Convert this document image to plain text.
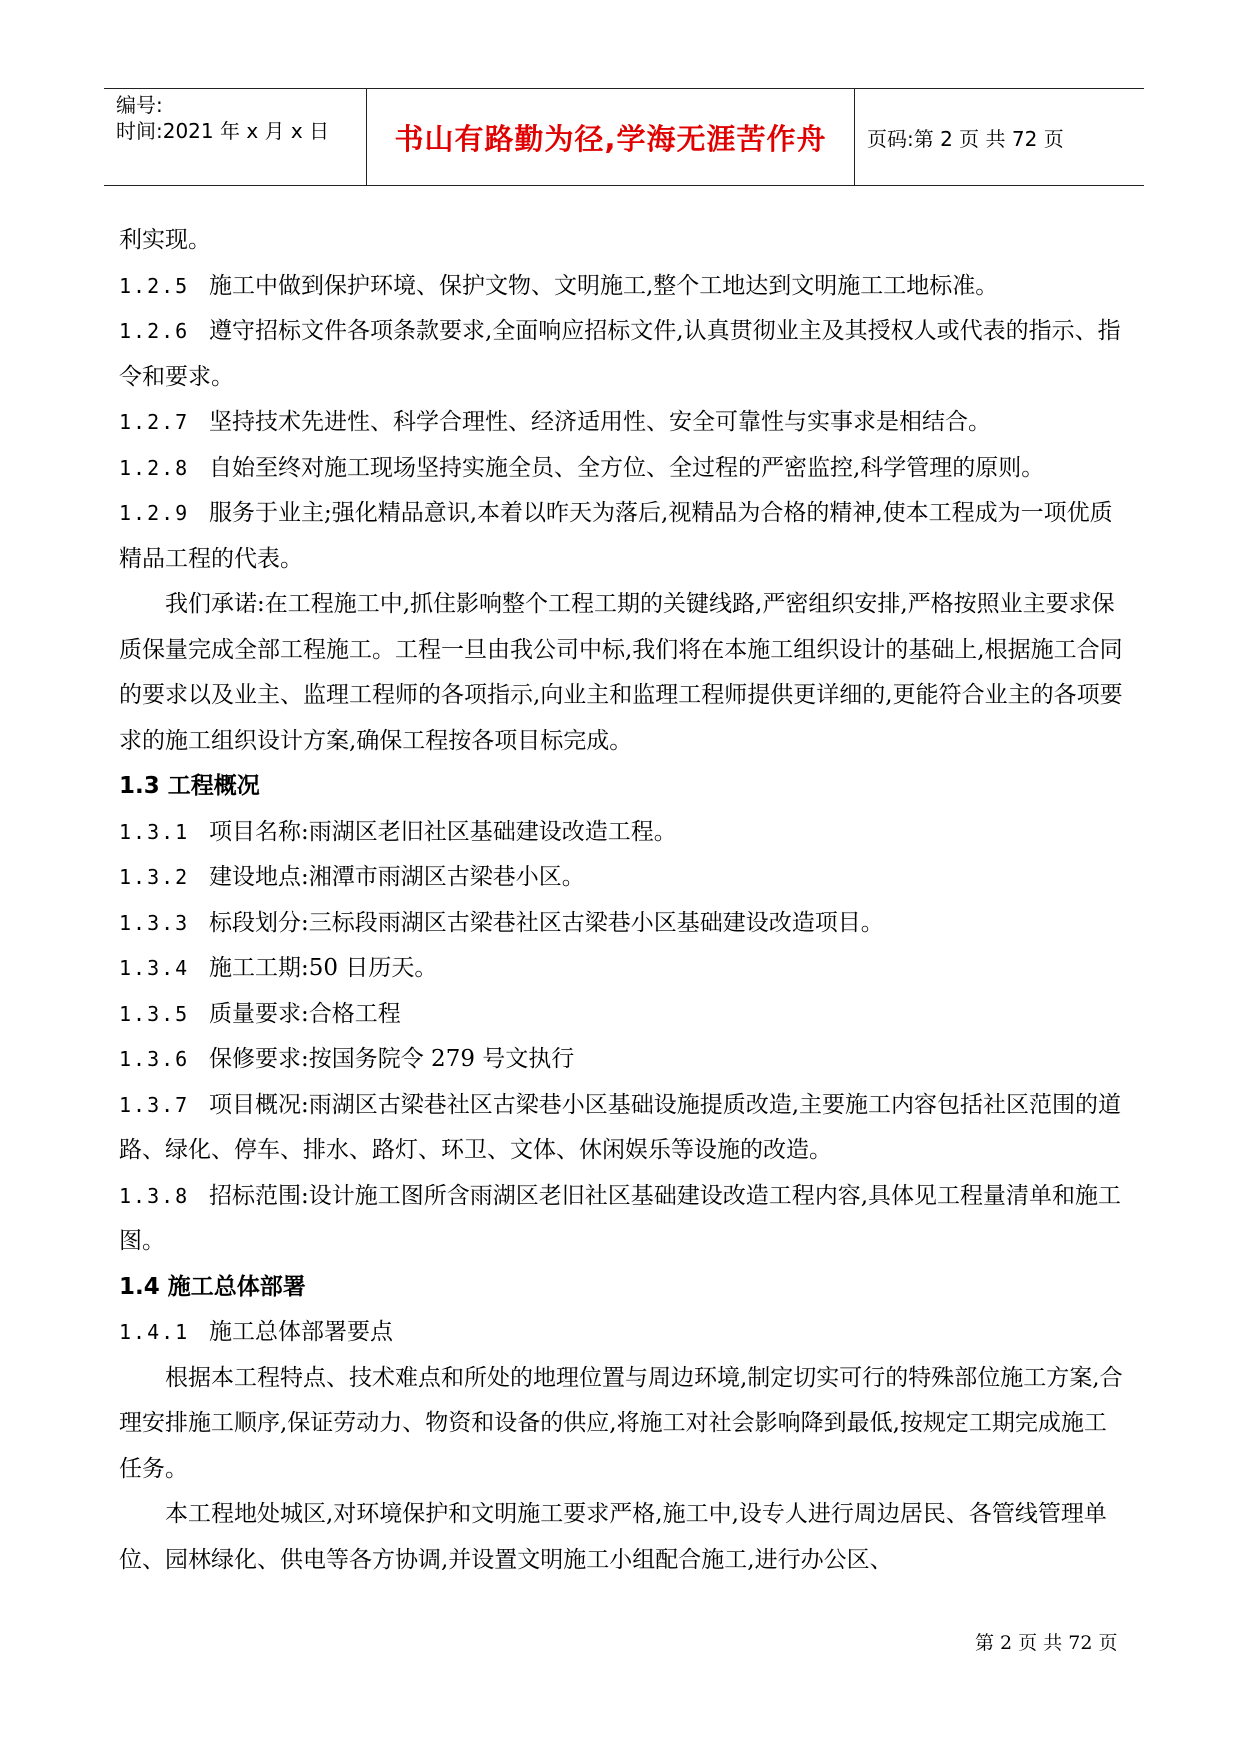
编号:
时间:2021 年 x 月 x 日 书山有路勤为径,学海无涯苦作舟 页码:第 2 页 共 72 页

利实现。

1.2.5 施工中做到保护环境、保护文物、文明施工,整个工地达到文明施工工地标准。

1.2.6 遵守招标文件各项条款要求,全面响应招标文件,认真贯彻业主及其授权人或代表的指示、指令和要求。

1.2.7 坚持技术先进性、科学合理性、经济适用性、安全可靠性与实事求是相结合。

1.2.8 自始至终对施工现场坚持实施全员、全方位、全过程的严密监控,科学管理的原则。

1.2.9 服务于业主;强化精品意识,本着以昨天为落后,视精品为合格的精神,使本工程成为一项优质精品工程的代表。

我们承诺:在工程施工中,抓住影响整个工程工期的关键线路,严密组织安排,严格按照业主要求保质保量完成全部工程施工。工程一旦由我公司中标,我们将在本施工组织设计的基础上,根据施工合同的要求以及业主、监理工程师的各项指示,向业主和监理工程师提供更详细的,更能符合业主的各项要求的施工组织设计方案,确保工程按各项目标完成。

1.3 工程概况

1.3.1 项目名称:雨湖区老旧社区基础建设改造工程。

1.3.2 建设地点:湘潭市雨湖区古梁巷小区。

1.3.3 标段划分:三标段雨湖区古梁巷社区古梁巷小区基础建设改造项目。

1.3.4 施工工期:50 日历天。

1.3.5 质量要求:合格工程

1.3.6 保修要求:按国务院令 279 号文执行

1.3.7 项目概况:雨湖区古梁巷社区古梁巷小区基础设施提质改造,主要施工内容包括社区范围的道路、绿化、停车、排水、路灯、环卫、文体、休闲娱乐等设施的改造。

1.3.8 招标范围:设计施工图所含雨湖区老旧社区基础建设改造工程内容,具体见工程量清单和施工图。

1.4 施工总体部署

1.4.1 施工总体部署要点

根据本工程特点、技术难点和所处的地理位置与周边环境,制定切实可行的特殊部位施工方案,合理安排施工顺序,保证劳动力、物资和设备的供应,将施工对社会影响降到最低,按规定工期完成施工任务。

本工程地处城区,对环境保护和文明施工要求严格,施工中,设专人进行周边居民、各管线管理单位、园林绿化、供电等各方协调,并设置文明施工小组配合施工,进行办公区、

第 2 页 共 72 页
